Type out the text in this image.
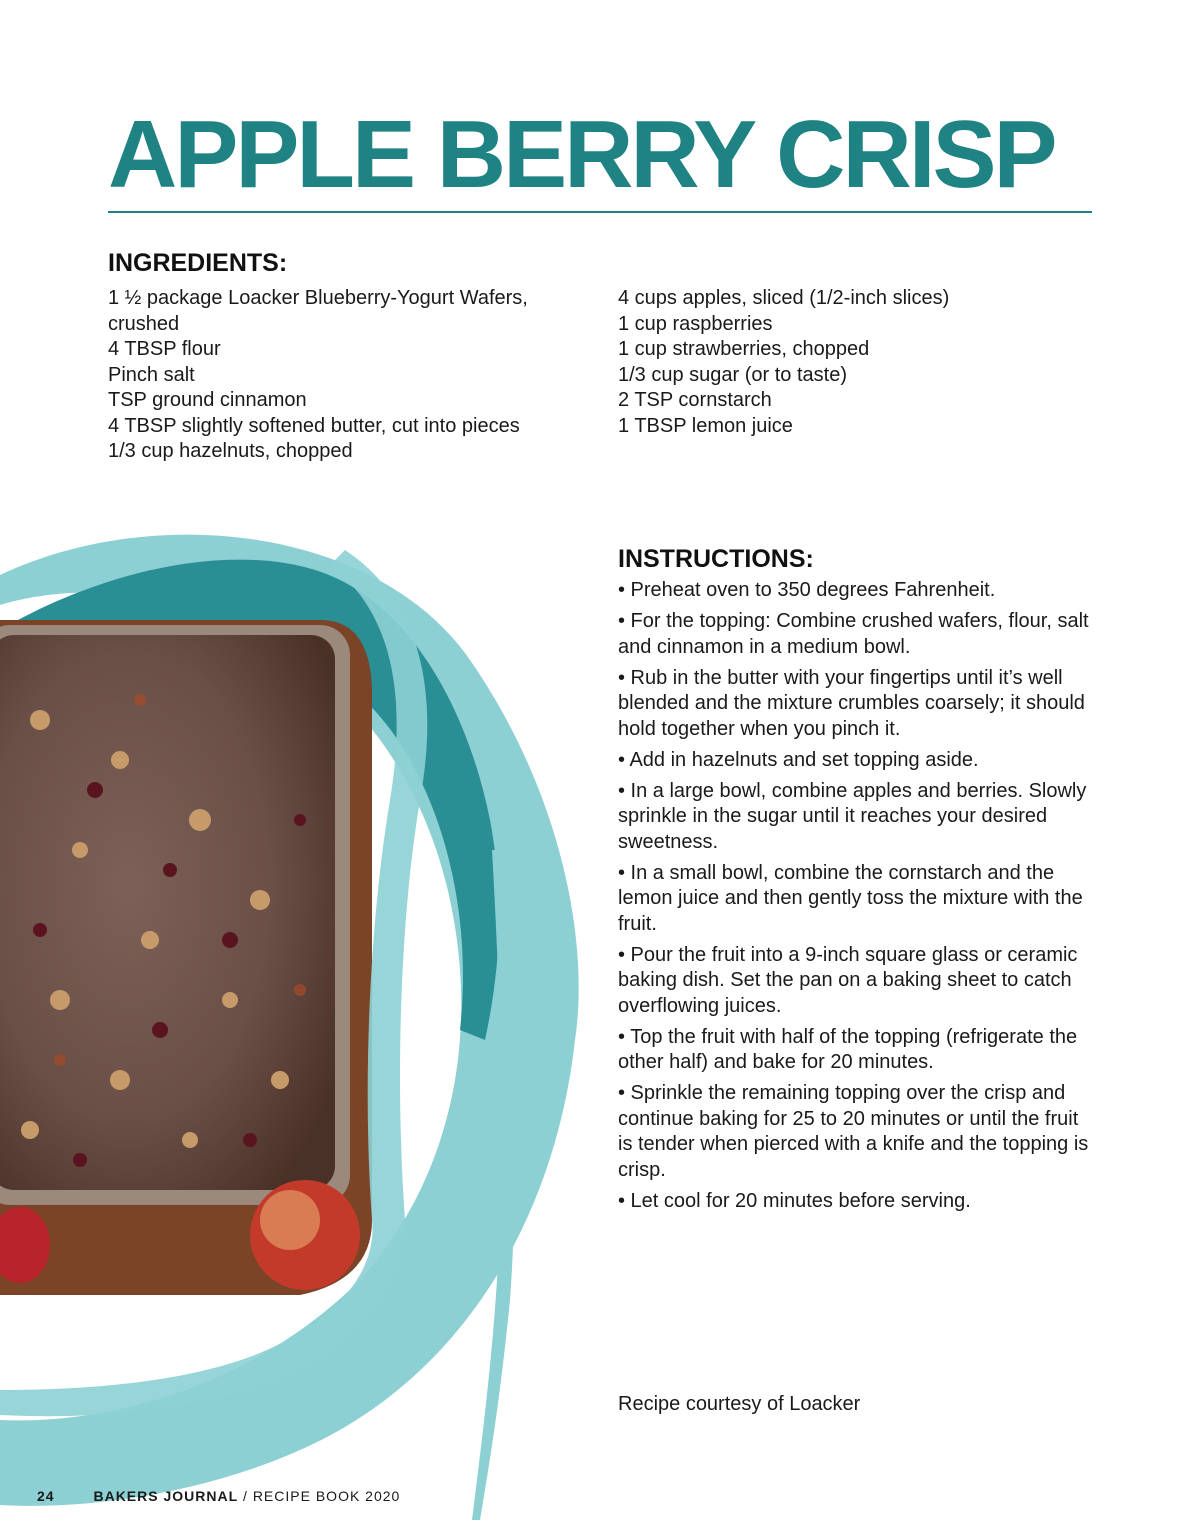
APPLE BERRY CRISP
INGREDIENTS:
1 ½ package Loacker Blueberry-Yogurt Wafers,
crushed
4 TBSP flour
Pinch salt
TSP ground cinnamon
4 TBSP slightly softened butter, cut into pieces
1/3 cup hazelnuts, chopped
4 cups apples, sliced (1/2-inch slices)
1 cup raspberries
1 cup strawberries, chopped
1/3 cup sugar (or to taste)
2 TSP cornstarch
1 TBSP lemon juice
INSTRUCTIONS:
• Preheat oven to 350 degrees Fahrenheit.
• For the topping: Combine crushed wafers, flour, salt and cinnamon in a medium bowl.
• Rub in the butter with your fingertips until it’s well blended and the mixture crumbles coarsely; it should hold together when you pinch it.
• Add in hazelnuts and set topping aside.
• In a large bowl, combine apples and berries. Slowly sprinkle in the sugar until it reaches your desired sweetness.
• In a small bowl, combine the cornstarch and the lemon juice and then gently toss the mixture with the fruit.
• Pour the fruit into a 9-inch square glass or ceramic baking dish. Set the pan on a baking sheet to catch overflowing juices.
• Top the fruit with half of the topping (refrigerate the other half) and bake for 20 minutes.
• Sprinkle the remaining topping over the crisp and continue baking for 25 to 20 minutes or until the fruit is tender when pierced with a knife and the topping is crisp.
• Let cool for 20 minutes before serving.

Recipe courtesy of Loacker

24	BAKERS JOURNAL / RECIPE BOOK 2020
